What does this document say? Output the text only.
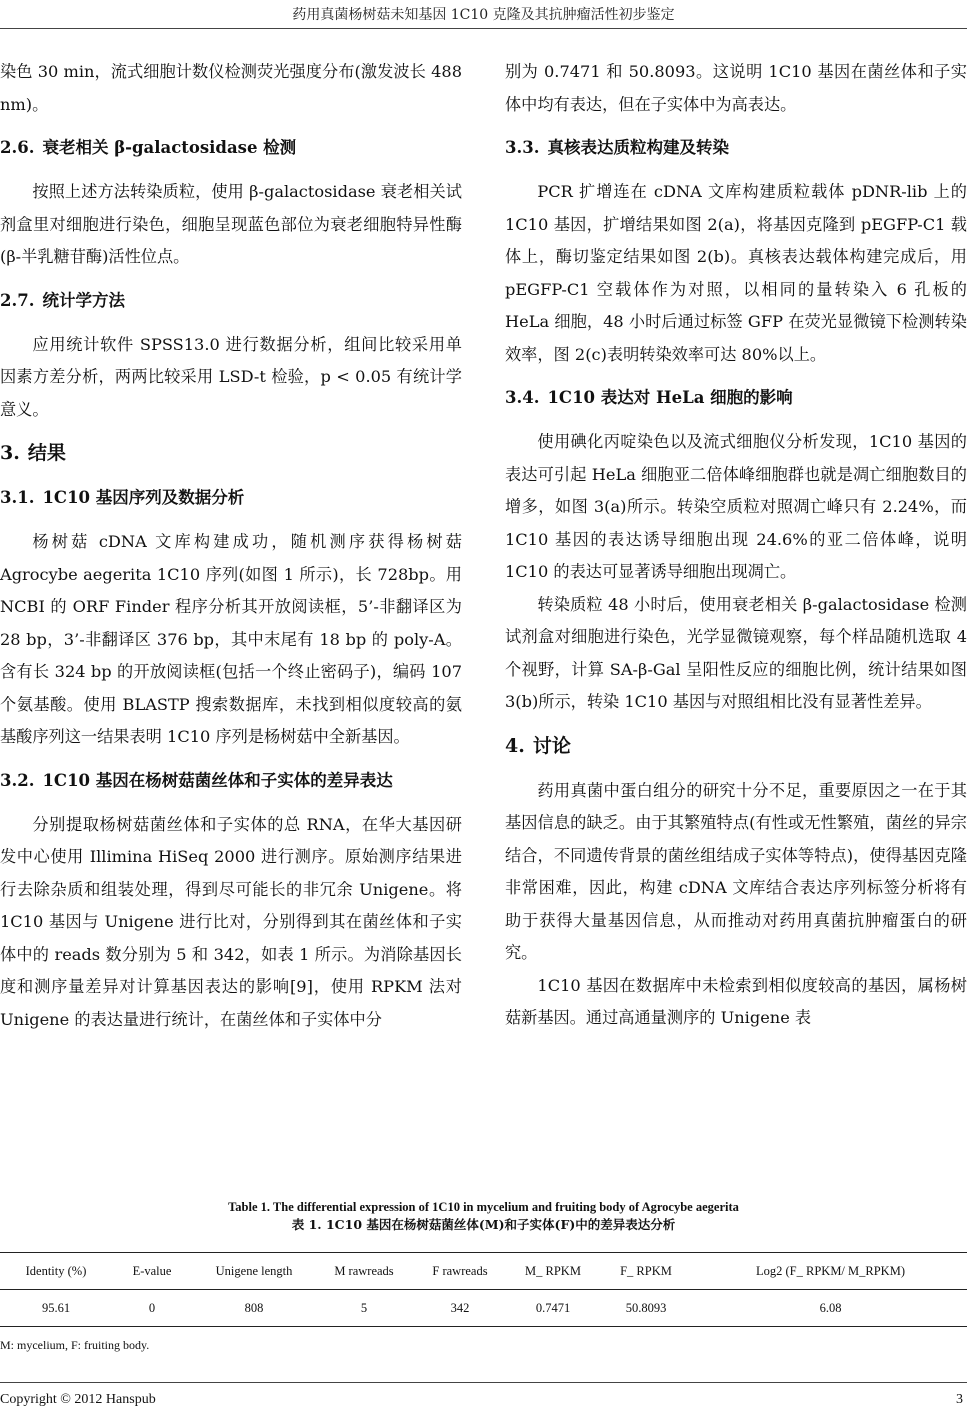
药用真菌杨树菇未知基因 1C10 克隆及其抗肿瘤活性初步鉴定

染色 30 min，流式细胞计数仪检测荧光强度分布(激发波长 488 nm)。

2.6. 衰老相关 β-galactosidase 检测

按照上述方法转染质粒，使用 β-galactosidase 衰老相关试剂盒里对细胞进行染色，细胞呈现蓝色部位为衰老细胞特异性酶(β-半乳糖苷酶)活性位点。

2.7. 统计学方法

应用统计软件 SPSS13.0 进行数据分析，组间比较采用单因素方差分析，两两比较采用 LSD-t 检验，p < 0.05 有统计学意义。

3. 结果
3.1. 1C10 基因序列及数据分析

杨树菇 cDNA 文库构建成功，随机测序获得杨树菇 Agrocybe aegerita 1C10 序列(如图 1 所示)，长 728bp。用 NCBI 的 ORF Finder 程序分析其开放阅读框，5’-非翻译区为 28 bp，3’-非翻译区 376 bp，其中末尾有 18 bp 的 poly-A。含有长 324 bp 的开放阅读框(包括一个终止密码子)，编码 107 个氨基酸。使用 BLASTP 搜索数据库，未找到相似度较高的氨基酸序列这一结果表明 1C10 序列是杨树菇中全新基因。

3.2. 1C10 基因在杨树菇菌丝体和子实体的差异表达

分别提取杨树菇菌丝体和子实体的总 RNA，在华大基因研发中心使用 Illimina HiSeq 2000 进行测序。原始测序结果进行去除杂质和组装处理，得到尽可能长的非冗余 Unigene。将 1C10 基因与 Unigene 进行比对，分别得到其在菌丝体和子实体中的 reads 数分别为 5 和 342，如表 1 所示。为消除基因长度和测序量差异对计算基因表达的影响[9]，使用 RPKM 法对 Unigene 的表达量进行统计，在菌丝体和子实体中分

别为 0.7471 和 50.8093。这说明 1C10 基因在菌丝体和子实体中均有表达，但在子实体中为高表达。

3.3. 真核表达质粒构建及转染

PCR 扩增连在 cDNA 文库构建质粒载体 pDNR-lib 上的 1C10 基因，扩增结果如图 2(a)，将基因克隆到 pEGFP-C1 载体上，酶切鉴定结果如图 2(b)。真核表达载体构建完成后，用 pEGFP-C1 空载体作为对照，以相同的量转染入 6 孔板的 HeLa 细胞，48 小时后通过标签 GFP 在荧光显微镜下检测转染效率，图 2(c)表明转染效率可达 80%以上。

3.4. 1C10 表达对 HeLa 细胞的影响

使用碘化丙啶染色以及流式细胞仪分析发现，1C10 基因的表达可引起 HeLa 细胞亚二倍体峰细胞群也就是凋亡细胞数目的增多，如图 3(a)所示。转染空质粒对照凋亡峰只有 2.24%，而 1C10 基因的表达诱导细胞出现 24.6%的亚二倍体峰，说明 1C10 的表达可显著诱导细胞出现凋亡。

转染质粒 48 小时后，使用衰老相关 β-galactosidase 检测试剂盒对细胞进行染色，光学显微镜观察，每个样品随机选取 4 个视野，计算 SA-β-Gal 呈阳性反应的细胞比例，统计结果如图 3(b)所示，转染 1C10 基因与对照组相比没有显著性差异。

4. 讨论

药用真菌中蛋白组分的研究十分不足，重要原因之一在于其基因信息的缺乏。由于其繁殖特点(有性或无性繁殖，菌丝的异宗结合，不同遗传背景的菌丝组结成子实体等特点)，使得基因克隆非常困难，因此，构建 cDNA 文库结合表达序列标签分析将有助于获得大量基因信息，从而推动对药用真菌抗肿瘤蛋白的研究。

1C10 基因在数据库中未检索到相似度较高的基因，属杨树菇新基因。通过高通量测序的 Unigene 表

Table 1. The differential expression of 1C10 in mycelium and fruiting body of Agrocybe aegerita
表 1. 1C10 基因在杨树菇菌丝体(M)和子实体(F)中的差异表达分析
Identity (%)	E-value	Unigene length	M rawreads	F rawreads	M_ RPKM	F_ RPKM	Log2 (F_ RPKM/ M_RPKM)
95.61	0	808	5	342	0.7471	50.8093	6.08
M: mycelium, F: fruiting body.
Copyright © 2012 Hanspub	3
